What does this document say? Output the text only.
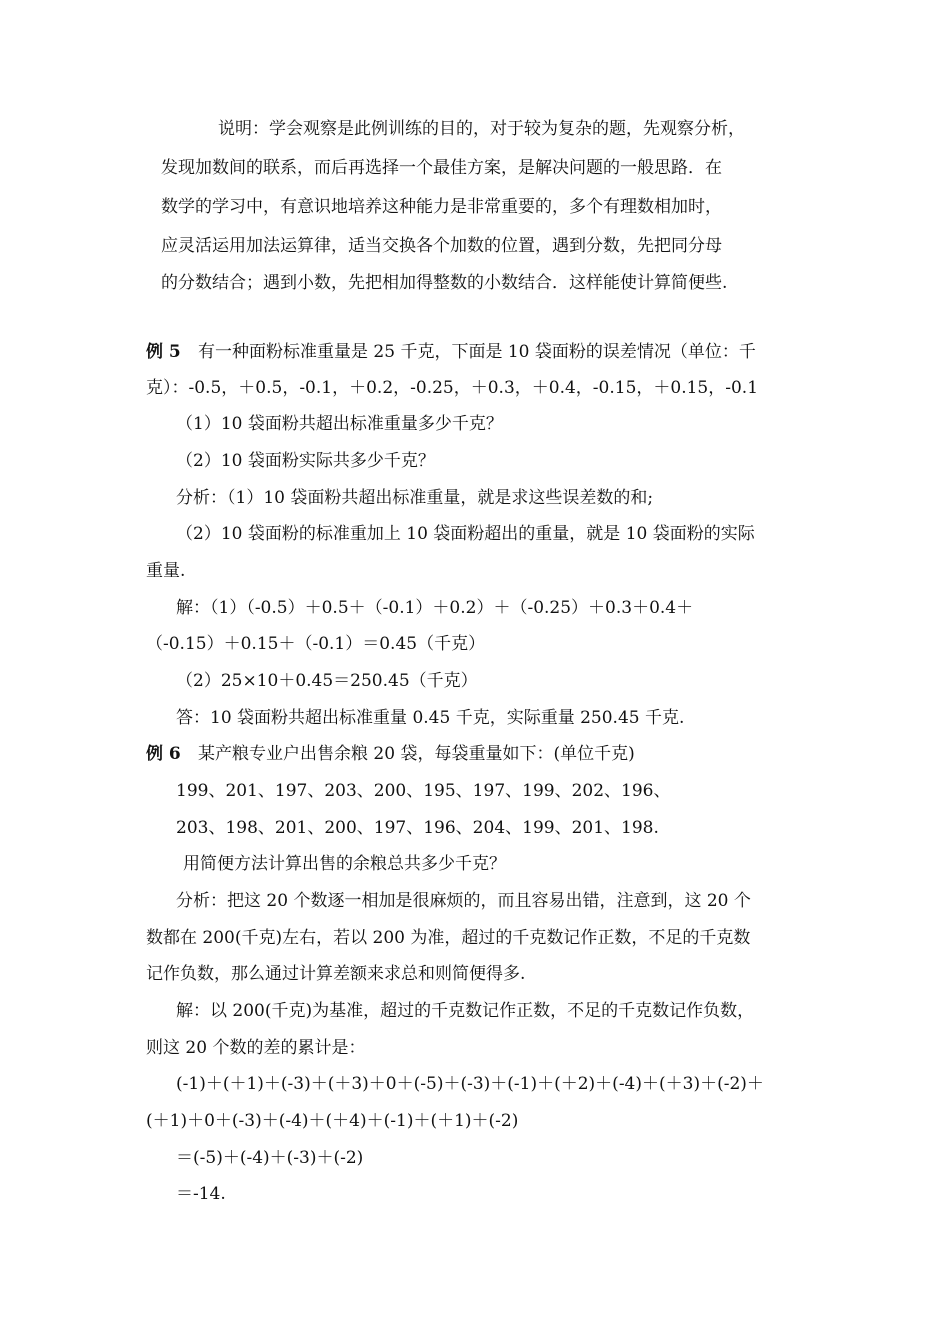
说明：学会观察是此例训练的目的，对于较为复杂的题，先观察分析，
发现加数间的联系，而后再选择一个最佳方案，是解决问题的一般思路．在
数学的学习中，有意识地培养这种能力是非常重要的，多个有理数相加时，
应灵活运用加法运算律，适当交换各个加数的位置，遇到分数，先把同分母
的分数结合；遇到小数，先把相加得整数的小数结合．这样能使计算简便些.
例 5 有一种面粉标准重量是 25 千克，下面是 10 袋面粉的误差情况（单位：千
克）：-0.5，＋0.5，-0.1，＋0.2，-0.25，＋0.3，＋0.4，-0.15，＋0.15，-0.1
（1）10 袋面粉共超出标准重量多少千克？
（2）10 袋面粉实际共多少千克？
分析：（1）10 袋面粉共超出标准重量，就是求这些误差数的和;
（2）10 袋面粉的标准重加上 10 袋面粉超出的重量，就是 10 袋面粉的实际
重量.
解：（1）（-0.5）＋0.5＋（-0.1）＋0.2）＋（-0.25）＋0.3＋0.4＋
（-0.15）＋0.15＋（-0.1）＝0.45（千克）
（2）25×10＋0.45＝250.45（千克）
答：10 袋面粉共超出标准重量 0.45 千克，实际重量 250.45 千克.
例 6 某产粮专业户出售余粮 20 袋，每袋重量如下：(单位千克)
199、201、197、203、200、195、197、199、202、196、
203、198、201、200、197、196、204、199、201、198.
用简便方法计算出售的余粮总共多少千克？
分析：把这 20 个数逐一相加是很麻烦的，而且容易出错，注意到，这 20 个
数都在 200(千克)左右，若以 200 为准，超过的千克数记作正数，不足的千克数
记作负数，那么通过计算差额来求总和则简便得多.
解：以 200(千克)为基准，超过的千克数记作正数，不足的千克数记作负数，
则这 20 个数的差的累计是：
(-1)＋(＋1)＋(-3)＋(＋3)＋0＋(-5)＋(-3)＋(-1)＋(＋2)＋(-4)＋(＋3)＋(-2)＋
(＋1)＋0＋(-3)＋(-4)＋(＋4)＋(-1)＋(＋1)＋(-2)
＝(-5)＋(-4)＋(-3)＋(-2)
＝-14.
